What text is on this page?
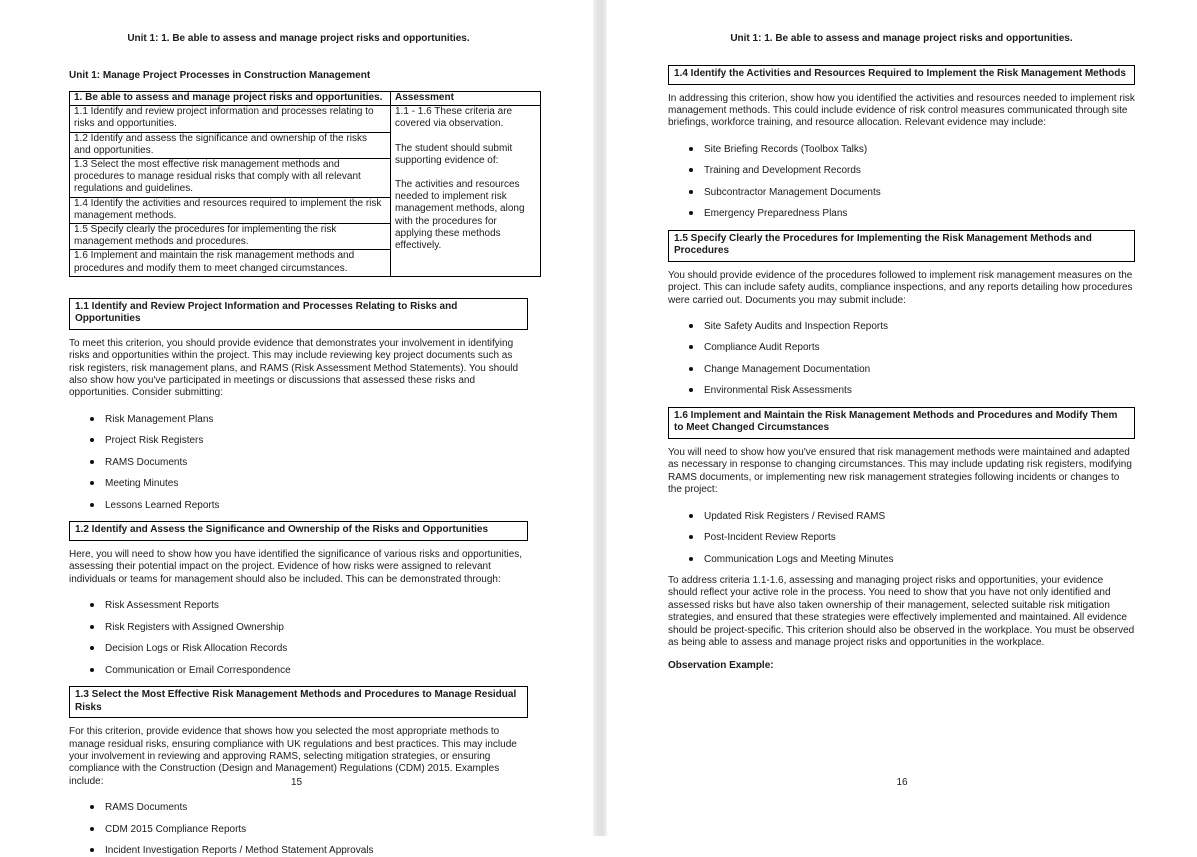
Unit 1: 1. Be able to assess and manage project risks and opportunities.
Unit 1: Manage Project Processes in Construction Management
1. Be able to assess and manage project risks and opportunities.	Assessment
1.1 Identify and review project information and processes relating to risks and opportunities.	1.1 - 1.6 These criteria are covered via observation.

The student should submit supporting evidence of:

The activities and resources needed to implement risk management methods, along with the procedures for applying these methods effectively.

1.2 Identify and assess the significance and ownership of the risks and opportunities.	
1.3 Select the most effective risk management methods and procedures to manage residual risks that comply with all relevant regulations and guidelines.	
1.4 Identify the activities and resources required to implement the risk management methods.	
1.5 Specify clearly the procedures for implementing the risk management methods and procedures.	
1.6 Implement and maintain the risk management methods and procedures and modify them to meet changed circumstances.	
1.1 Identify and Review Project Information and Processes Relating to Risks and Opportunities

To meet this criterion, you should provide evidence that demonstrates your involvement in identifying risks and opportunities within the project. This may include reviewing key project documents such as risk registers, risk management plans, and RAMS (Risk Assessment Method Statements). You should also show how you've participated in meetings or discussions that assessed these risks and opportunities. Consider submitting:

Risk Management Plans
Project Risk Registers
RAMS Documents
Meeting Minutes
Lessons Learned Reports
1.2 Identify and Assess the Significance and Ownership of the Risks and Opportunities

Here, you will need to show how you have identified the significance of various risks and opportunities, assessing their potential impact on the project. Evidence of how risks were assigned to relevant individuals or teams for management should also be included. This can be demonstrated through:

Risk Assessment Reports
Risk Registers with Assigned Ownership
Decision Logs or Risk Allocation Records
Communication or Email Correspondence
1.3 Select the Most Effective Risk Management Methods and Procedures to Manage Residual Risks

For this criterion, provide evidence that shows how you selected the most appropriate methods to manage residual risks, ensuring compliance with UK regulations and best practices. This may include your involvement in reviewing and approving RAMS, selecting mitigation strategies, or ensuring compliance with the Construction (Design and Management) Regulations (CDM) 2015. Examples include:

RAMS Documents
CDM 2015 Compliance Reports
Incident Investigation Reports / Method Statement Approvals
15
Unit 1: 1. Be able to assess and manage project risks and opportunities.
1.4 Identify the Activities and Resources Required to Implement the Risk Management Methods

In addressing this criterion, show how you identified the activities and resources needed to implement risk management methods. This could include evidence of risk control measures communicated through site briefings, workforce training, and resource allocation. Relevant evidence may include:

Site Briefing Records (Toolbox Talks)
Training and Development Records
Subcontractor Management Documents
Emergency Preparedness Plans
1.5 Specify Clearly the Procedures for Implementing the Risk Management Methods and Procedures

You should provide evidence of the procedures followed to implement risk management measures on the project. This can include safety audits, compliance inspections, and any reports detailing how procedures were carried out. Documents you may submit include:

Site Safety Audits and Inspection Reports
Compliance Audit Reports
Change Management Documentation
Environmental Risk Assessments
1.6 Implement and Maintain the Risk Management Methods and Procedures and Modify Them to Meet Changed Circumstances

You will need to show how you've ensured that risk management methods were maintained and adapted as necessary in response to changing circumstances. This may include updating risk registers, modifying RAMS documents, or implementing new risk management strategies following incidents or changes to the project:

Updated Risk Registers / Revised RAMS
Post-Incident Review Reports
Communication Logs and Meeting Minutes

To address criteria 1.1-1.6, assessing and managing project risks and opportunities, your evidence should reflect your active role in the process. You need to show that you have not only identified and assessed risks but have also taken ownership of their management, selected suitable risk mitigation strategies, and ensured that these strategies were effectively implemented and maintained. All evidence should be project-specific. This criterion should also be observed in the workplace. You must be observed as being able to assess and manage project risks and opportunities in the workplace.

Observation Example:
16
